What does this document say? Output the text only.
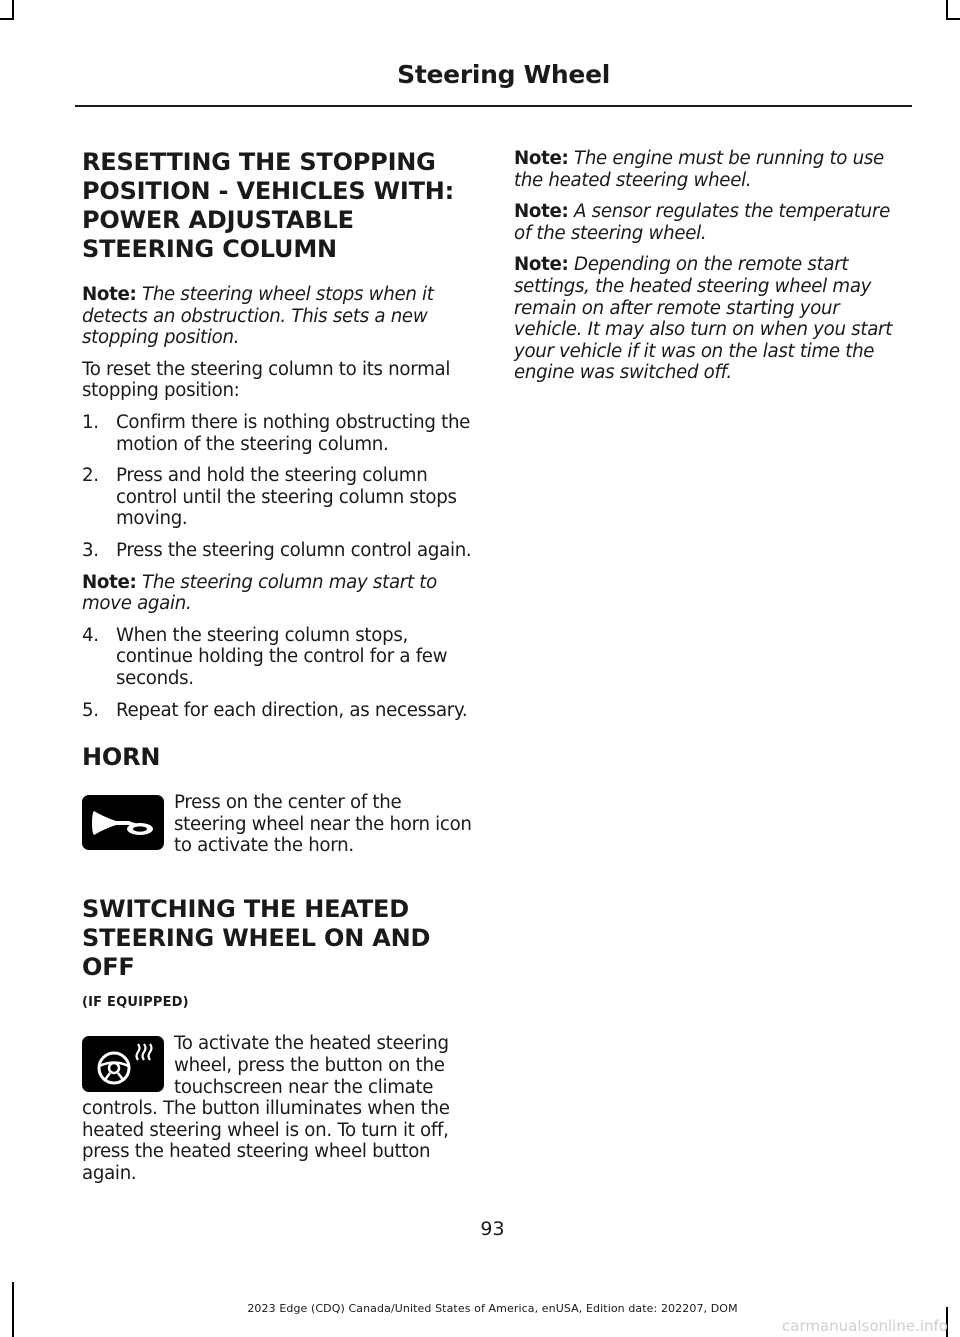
Steering Wheel
RESETTING THE STOPPING
POSITION - VEHICLES WITH:
POWER ADJUSTABLE
STEERING COLUMN

Note: The steering wheel stops when it detects an obstruction. This sets a new stopping position.

To reset the steering column to its normal stopping position:

1. Confirm there is nothing obstructing the motion of the steering column.
2. Press and hold the steering column control until the steering column stops moving.
3. Press the steering column control again.

Note: The steering column may start to move again.

4. When the steering column stops, continue holding the control for a few seconds.
5. Repeat for each direction, as necessary.
HORN
Press on the center of the steering wheel near the horn icon to activate the horn.
SWITCHING THE HEATED
STEERING WHEEL ON AND OFF
(IF EQUIPPED)
To activate the heated steering wheel, press the button on the touchscreen near the climate controls. The button illuminates when the heated steering wheel is on. To turn it off, press the heated steering wheel button again.

Note: The engine must be running to use the heated steering wheel.

Note: A sensor regulates the temperature of the steering wheel.

Note: Depending on the remote start settings, the heated steering wheel may remain on after remote starting your vehicle. It may also turn on when you start your vehicle if it was on the last time the engine was switched off.

93
2023 Edge (CDQ) Canada/United States of America, enUSA, Edition date: 202207, DOM
carmanualsonline.info
